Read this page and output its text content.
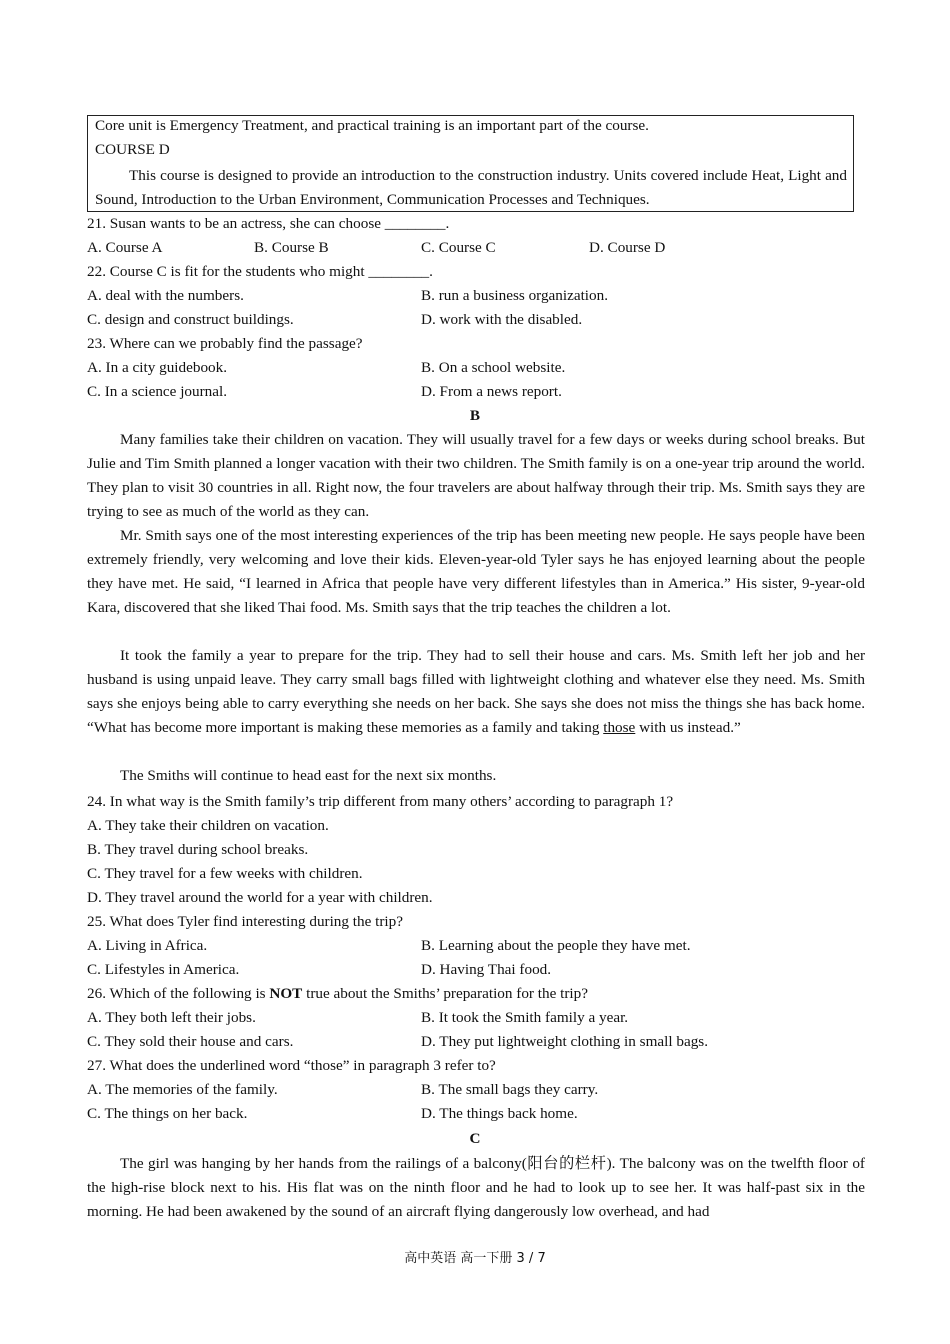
Core unit is Emergency Treatment, and practical training is an important part of the course.
COURSE D
This course is designed to provide an introduction to the construction industry. Units covered include Heat, Light and Sound, Introduction to the Urban Environment, Communication Processes and Techniques.
21. Susan wants to be an actress, she can choose ________.
A. Course A	B. Course B	C. Course C	D. Course D
22. Course C is fit for the students who might ________.
A. deal with the numbers.	B. run a business organization.
C. design and construct buildings.	D. work with the disabled.
23. Where can we probably find the passage?
A. In a city guidebook.	B. On a school website.
C. In a science journal.	D. From a news report.
B
Many families take their children on vacation. They will usually travel for a few days or weeks during school breaks. But Julie and Tim Smith planned a longer vacation with their two children. The Smith family is on a one-year trip around the world. They plan to visit 30 countries in all. Right now, the four travelers are about halfway through their trip. Ms. Smith says they are trying to see as much of the world as they can.
Mr. Smith says one of the most interesting experiences of the trip has been meeting new people. He says people have been extremely friendly, very welcoming and love their kids. Eleven-year-old Tyler says he has enjoyed learning about the people they have met. He said, “I learned in Africa that people have very different lifestyles than in America.” His sister, 9-year-old Kara, discovered that she liked Thai food. Ms. Smith says that the trip teaches the children a lot.
It took the family a year to prepare for the trip. They had to sell their house and cars. Ms. Smith left her job and her husband is using unpaid leave. They carry small bags filled with lightweight clothing and whatever else they need. Ms. Smith says she enjoys being able to carry everything she needs on her back. She says she does not miss the things she has back home. “What has become more important is making these memories as a family and taking those with us instead.”
The Smiths will continue to head east for the next six months.
24. In what way is the Smith family’s trip different from many others’ according to paragraph 1?
A. They take their children on vacation.
B. They travel during school breaks.
C. They travel for a few weeks with children.
D. They travel around the world for a year with children.
25. What does Tyler find interesting during the trip?
A. Living in Africa.	B. Learning about the people they have met.
C. Lifestyles in America.	D. Having Thai food.
26. Which of the following is NOT true about the Smiths’ preparation for the trip?
A. They both left their jobs.	B. It took the Smith family a year.
C. They sold their house and cars.	D. They put lightweight clothing in small bags.
27. What does the underlined word “those” in paragraph 3 refer to?
A. The memories of the family.	B. The small bags they carry.
C. The things on her back.	D. The things back home.
C
The girl was hanging by her hands from the railings of a balcony(阳台的栏杆). The balcony was on the twelfth floor of the high-rise block next to his. His flat was on the ninth floor and he had to look up to see her. It was half-past six in the morning. He had been awakened by the sound of an aircraft flying dangerously low overhead, and had
高中英语 高一下册 3 / 7
